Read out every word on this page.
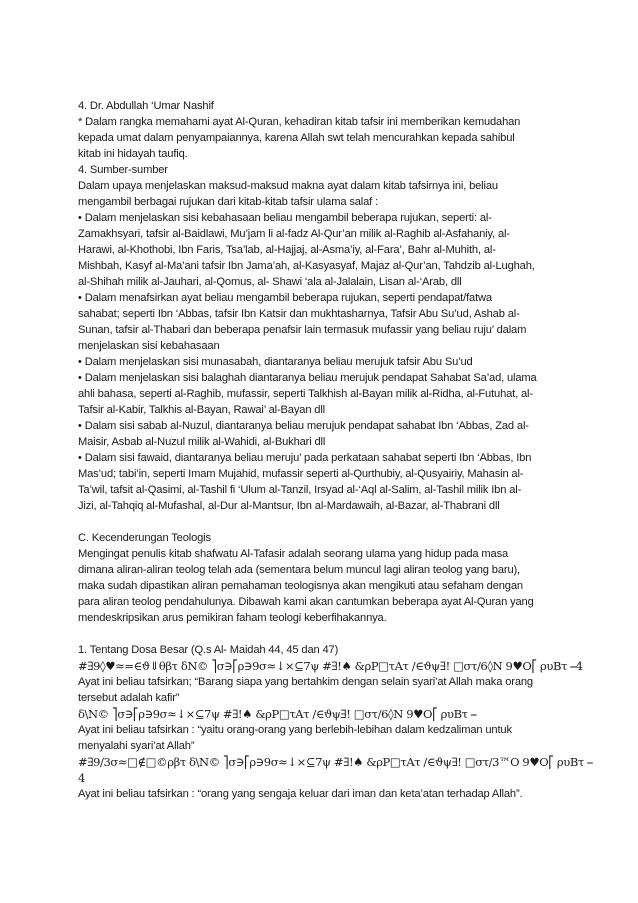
4. Dr. Abdullah ‘Umar Nashif
* Dalam rangka memahami ayat Al-Quran, kehadiran kitab tafsir ini memberikan kemudahan
kepada umat dalam penyampaiannya, karena Allah swt telah mencurahkan kepada sahibul
kitab ini hidayah taufiq.
4. Sumber-sumber
Dalam upaya menjelaskan maksud-maksud makna ayat dalam kitab tafsirnya ini, beliau
mengambil berbagai rujukan dari kitab-kitab tafsir ulama salaf :
• Dalam menjelaskan sisi kebahasaan beliau mengambil beberapa rujukan, seperti: al-
Zamakhsyari, tafsir al-Baidlawi, Mu’jam li al-fadz Al-Qur’an milik al-Raghib al-Asfahaniy, al-
Harawi, al-Khothobi, Ibn Faris, Tsa’lab, al-Hajjaj, al-Asma’iy, al-Fara’, Bahr al-Muhith, al-
Mishbah, Kasyf al-Ma’ani tafsir Ibn Jama’ah, al-Kasyasyaf, Majaz al-Qur’an, Tahdzib al-Lughah,
al-Shihah milik al-Jauhari, al-Qomus, al- Shawi ‘ala al-Jalalain, Lisan al-‘Arab, dll
• Dalam menafsirkan ayat beliau mengambil beberapa rujukan, seperti pendapat/fatwa
sahabat; seperti Ibn ‘Abbas, tafsir Ibn Katsir dan mukhtasharnya, Tafsir Abu Su’ud, Ashab al-
Sunan, tafsir al-Thabari dan beberapa penafsir lain termasuk mufassir yang beliau ruju’ dalam
menjelaskan sisi kebahasaan
• Dalam menjelaskan sisi munasabah, diantaranya beliau merujuk tafsir Abu Su’ud
• Dalam menjelaskan sisi balaghah diantaranya beliau merujuk pendapat Sahabat Sa’ad, ulama
ahli bahasa, seperti al-Raghib, mufassir, seperti Talkhish al-Bayan milik al-Ridha, al-Futuhat, al-
Tafsir al-Kabir, Talkhis al-Bayan, Rawai’ al-Bayan dll
• Dalam sisi sabab al-Nuzul, diantaranya beliau merujuk pendapat sahabat Ibn ‘Abbas, Zad al-
Maisir, Asbab al-Nuzul milik al-Wahidi, al-Bukhari dll
• Dalam sisi fawaid, diantaranya beliau meruju’ pada perkataan sahabat seperti Ibn ‘Abbas, Ibn
Mas’ud; tabi’in, seperti Imam Mujahid, mufassir seperti al-Qurthubiy, al-Qusyairiy, Mahasin al-
Ta’wil, tafsit al-Qasimi, al-Tashil fi ‘Ulum al-Tanzil, Irsyad al-‘Aql al-Salim, al-Tashil milik Ibn al-
Jizi, al-Tahqiq al-Mufashal, al-Dur al-Mantsur, Ibn al-Mardawaih, al-Bazar, al-Thabrani dll
C. Kecenderungan Teologis
Mengingat penulis kitab shafwatu Al-Tafasir adalah seorang ulama yang hidup pada masa
dimana aliran-aliran teolog telah ada (sementara belum muncul lagi aliran teolog yang baru),
maka sudah dipastikan aliran pemahaman teologisnya akan mengikuti atau sefaham dengan
para aliran teolog pendahulunya. Dibawah kami akan cantumkan beberapa ayat Al-Quran yang
mendeskripsikan arus pemikiran faham teologi keberfihakannya.
1. Tentang Dosa Besar (Q.s Al- Maidah 44, 45 dan 47)
#∃9◊♥≈=∈ϑ⇓θβτ δΝ© ⎤σ∋⎡ρ∋9σ≈↓×⊆7ψ #∃!♠ &ρΡ□τΑτ /∈ϑψ∃! □στ/6◊Ν 9♥Ο⎡ ρυΒτ ⎯4
Ayat ini beliau tafsirkan; “Barang siapa yang bertahkim dengan selain syari’at Allah maka orang
tersebut adalah kafir”
δ\Ν© ⎤σ∋⎡ρ∋9σ≈↓×⊆7ψ #∃!♠ &ρΡ□τΑτ /∈ϑψ∃! □στ/6◊Ν 9♥Ο⎡ ρυΒτ ⎯
Ayat ini beliau tafsirkan : “yaitu orang-orang yang berlebih-lebihan dalam kedzaliman untuk
menyalahi syari’at Allah”
#∃9/3σ≈□∉□©ρβτ δ\Ν© ⎤σ∋⎡ρ∋9σ≈↓×⊆7ψ #∃!♠ &ρΡ□τΑτ /∈ϑψ∃! □στ/3™Ο 9♥Ο⎡ ρυΒτ ⎯
4
Ayat ini beliau tafsirkan : “orang yang sengaja keluar dari iman dan keta’atan terhadap Allah”.
